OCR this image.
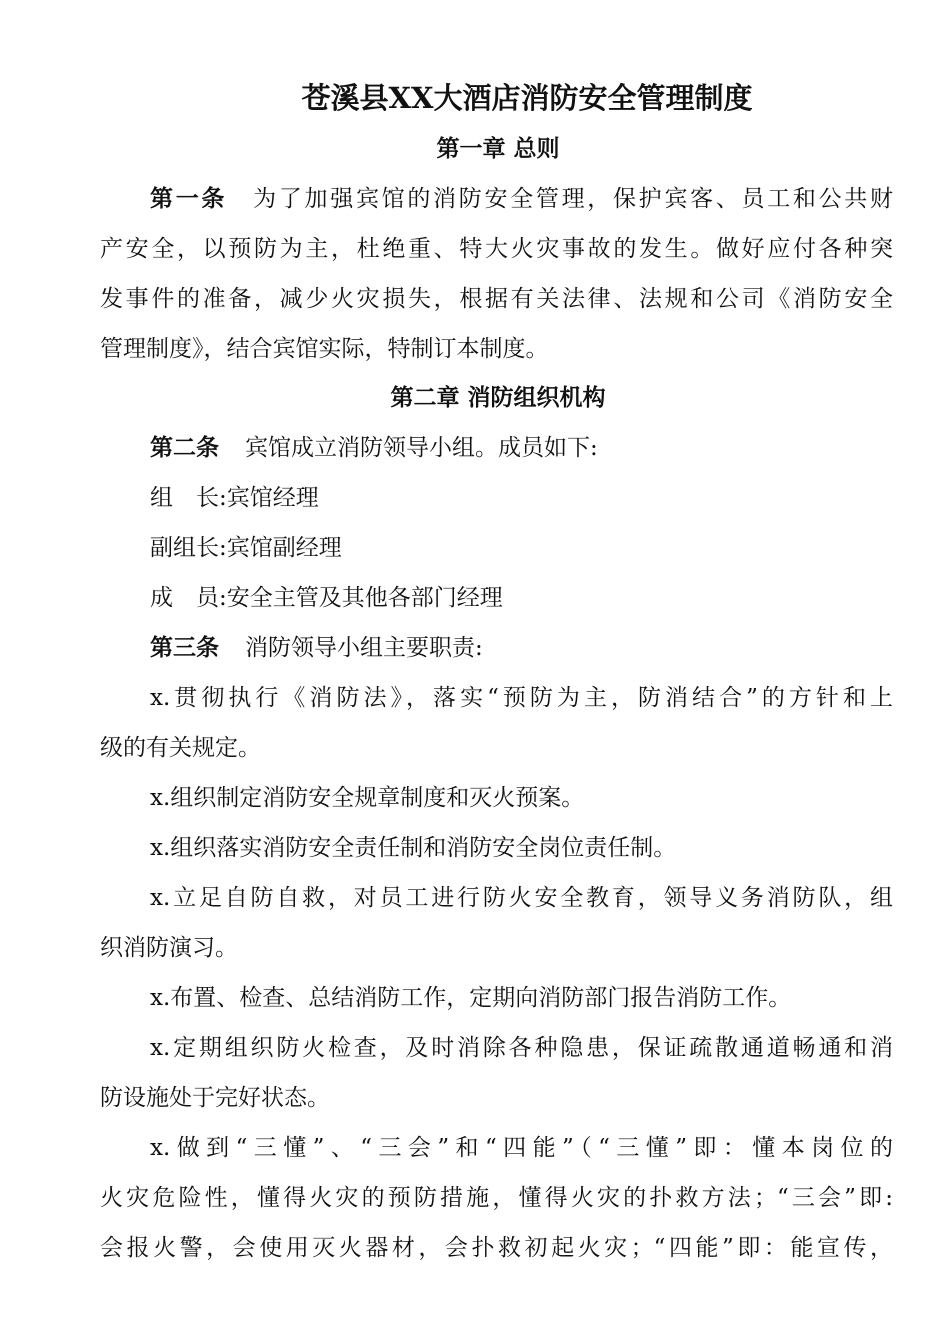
苍溪县XX大酒店消防安全管理制度
第一章 总则
第一条 为了加强宾馆的消防安全管理，保护宾客、员工和公共财
产安全，以预防为主，杜绝重、特大火灾事故的发生。做好应付各种突
发事件的准备，减少火灾损失，根据有关法律、法规和公司《消防安全
管理制度》，结合宾馆实际，特制订本制度。
第二章 消防组织机构
第二条 宾馆成立消防领导小组。成员如下:
组　长:宾馆经理
副组长:宾馆副经理
成　员:安全主管及其他各部门经理
第三条 消防领导小组主要职责:
x.贯彻执行《消防法》，落实“预防为主，防消结合”的方针和上
级的有关规定。
x.组织制定消防安全规章制度和灭火预案。
x.组织落实消防安全责任制和消防安全岗位责任制。
x.立足自防自救，对员工进行防火安全教育，领导义务消防队，组
织消防演习。
x.布置、检查、总结消防工作，定期向消防部门报告消防工作。
x.定期组织防火检查，及时消除各种隐患，保证疏散通道畅通和消
防设施处于完好状态。
x.做到“三懂”、“三会”和“四能”（“三懂”即：懂本岗位的
火灾危险性，懂得火灾的预防措施，懂得火灾的扑救方法；“三会”即:
会报火警，会使用灭火器材，会扑救初起火灾；“四能”即：能宣传，
